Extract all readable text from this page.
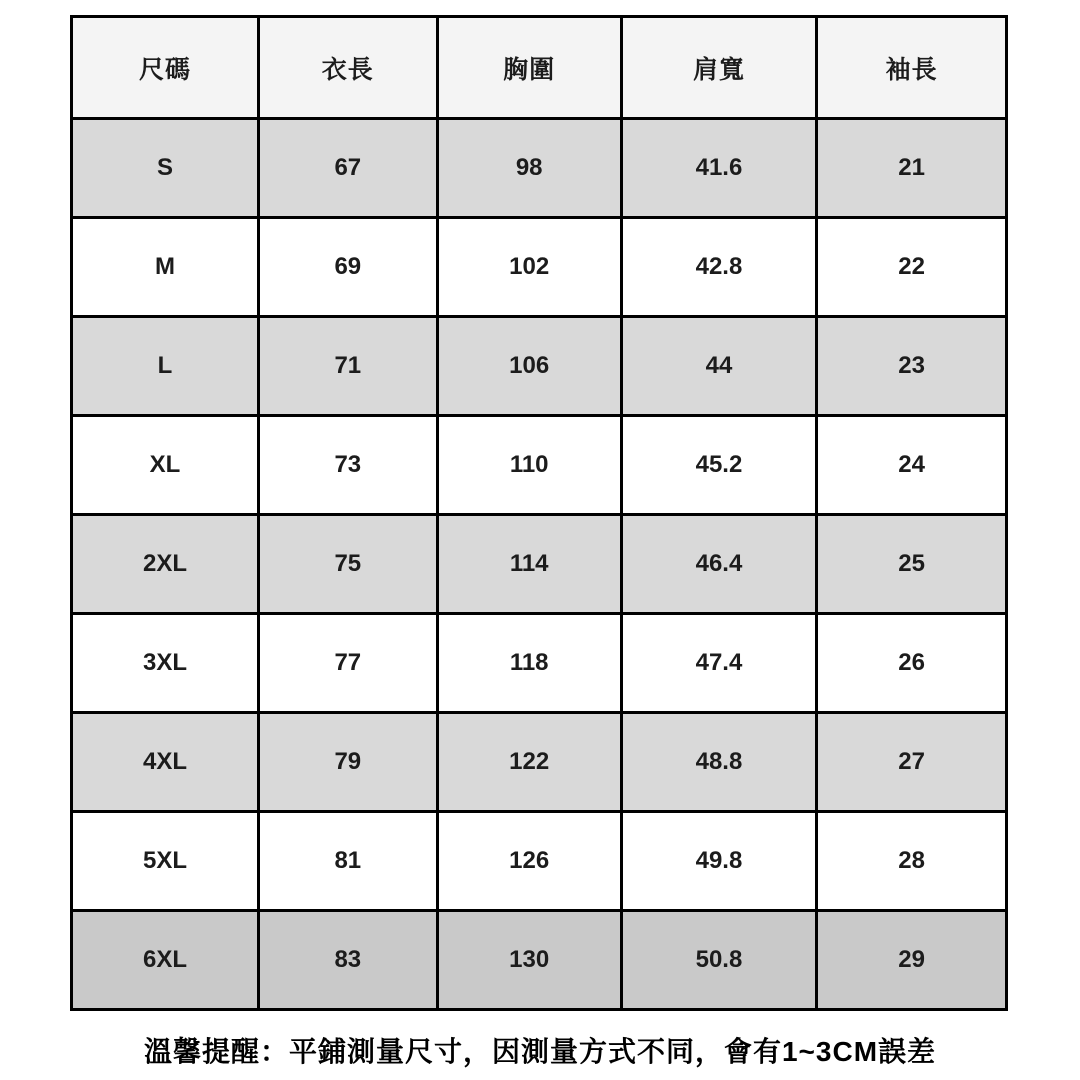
尺碼	衣長	胸圍	肩寬	袖長
S	67	98	41.6	21
M	69	102	42.8	22
L	71	106	44	23
XL	73	110	45.2	24
2XL	75	114	46.4	25
3XL	77	118	47.4	26
4XL	79	122	48.8	27
5XL	81	126	49.8	28
6XL	83	130	50.8	29
溫馨提醒：平鋪測量尺寸，因測量方式不同，會有1~3CM誤差
